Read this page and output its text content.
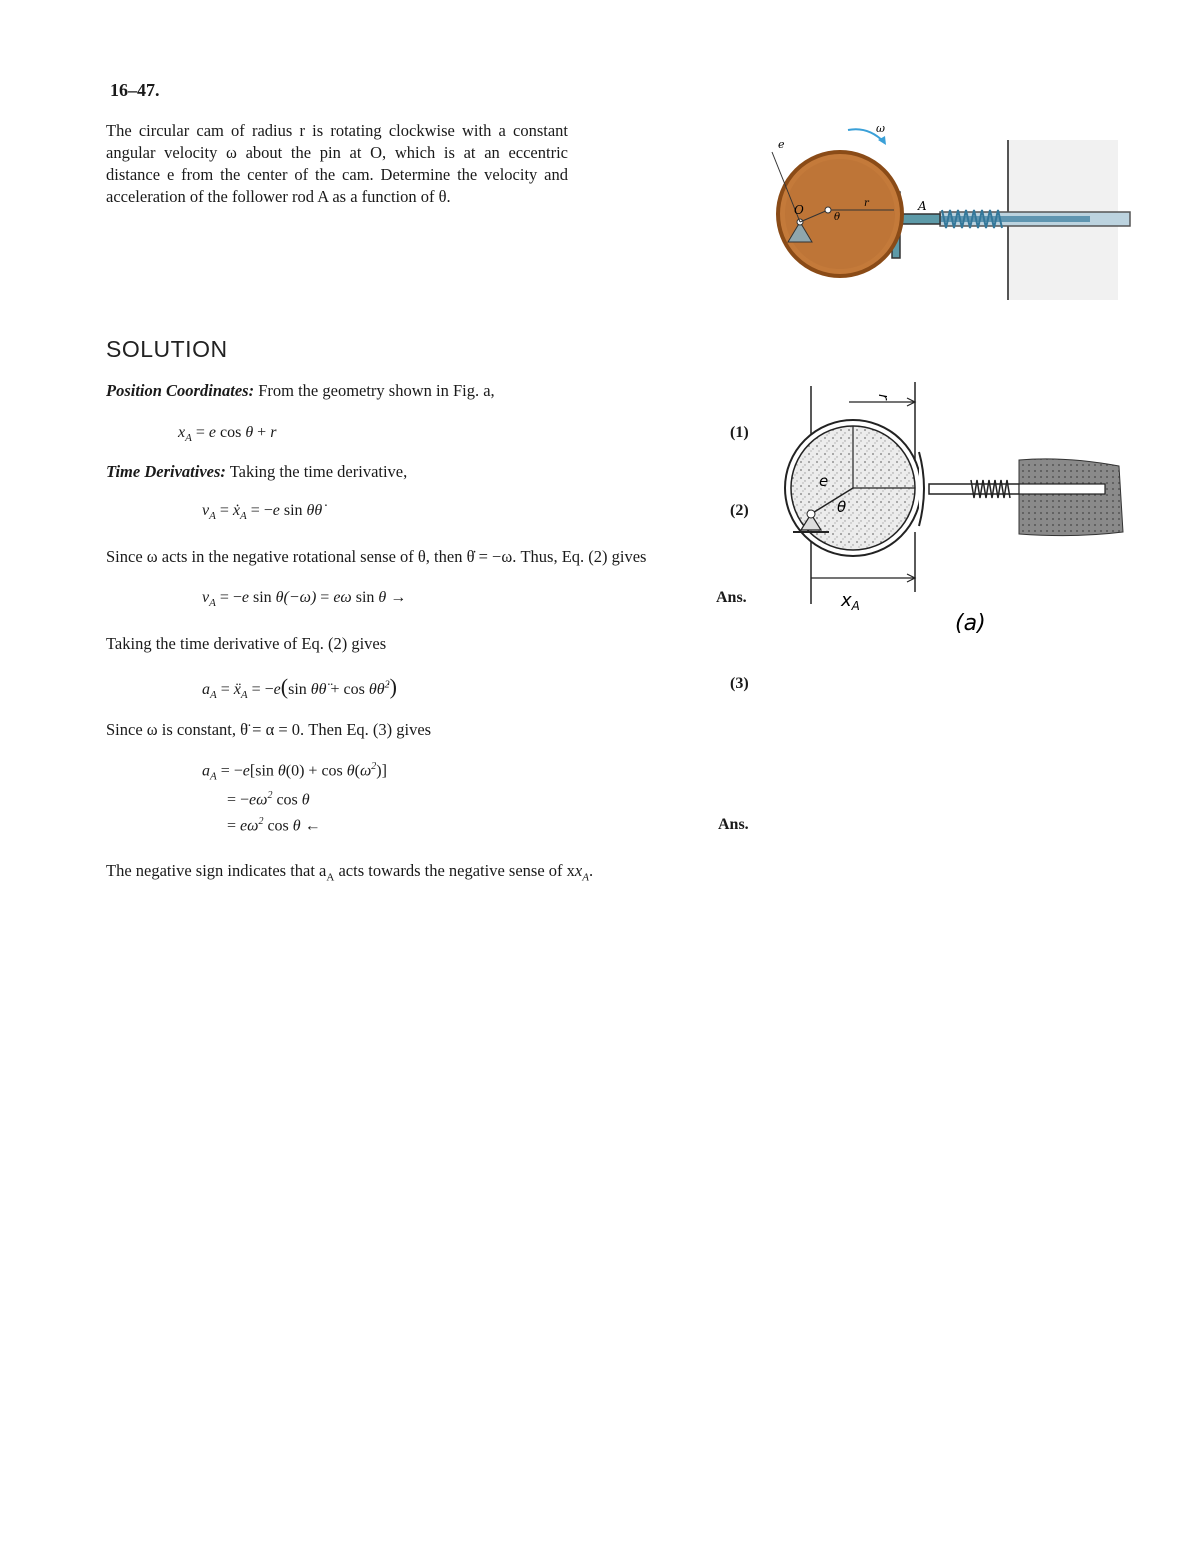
16–47.
The circular cam of radius r is rotating clockwise with a constant angular velocity ω about the pin at O, which is at an eccentric distance e from the center of the cam. Determine the velocity and acceleration of the follower rod A as a function of θ.
ω
e
O	r
θ
A
SOLUTION
Position Coordinates: From the geometry shown in Fig. a,
$x_A = e$ cos θ + r	(1)
Time Derivatives: Taking the time derivative,
$v_A$ = ẋ$_A$ = −e sin θθ̇	(2)
Since ω acts in the negative rotational sense of θ, then θ̇ = −ω. Thus, Eq. (2) gives
$v_A = -e$ sin θ(−ω) = eω sin θ →	Ans.
Taking the time derivative of Eq. (2) gives
$a_A$ = ẍ$_A$ = −e(sin θθ̈ + cos θθ̇$^2$)	(3)
Since ω is constant, θ̈ = α = 0. Then Eq. (3) gives
$a_A = -e[\sin$ $\theta(0) + \cos \theta(\omega^2)$]
= $-e\omega^2$ cos θ
= $e\omega^2$ cos θ ←	Ans.
The negative sign indicates that $a_A$ acts towards the negative sense of $xx_A$.
r
e
θ
$x_A$
(a)
